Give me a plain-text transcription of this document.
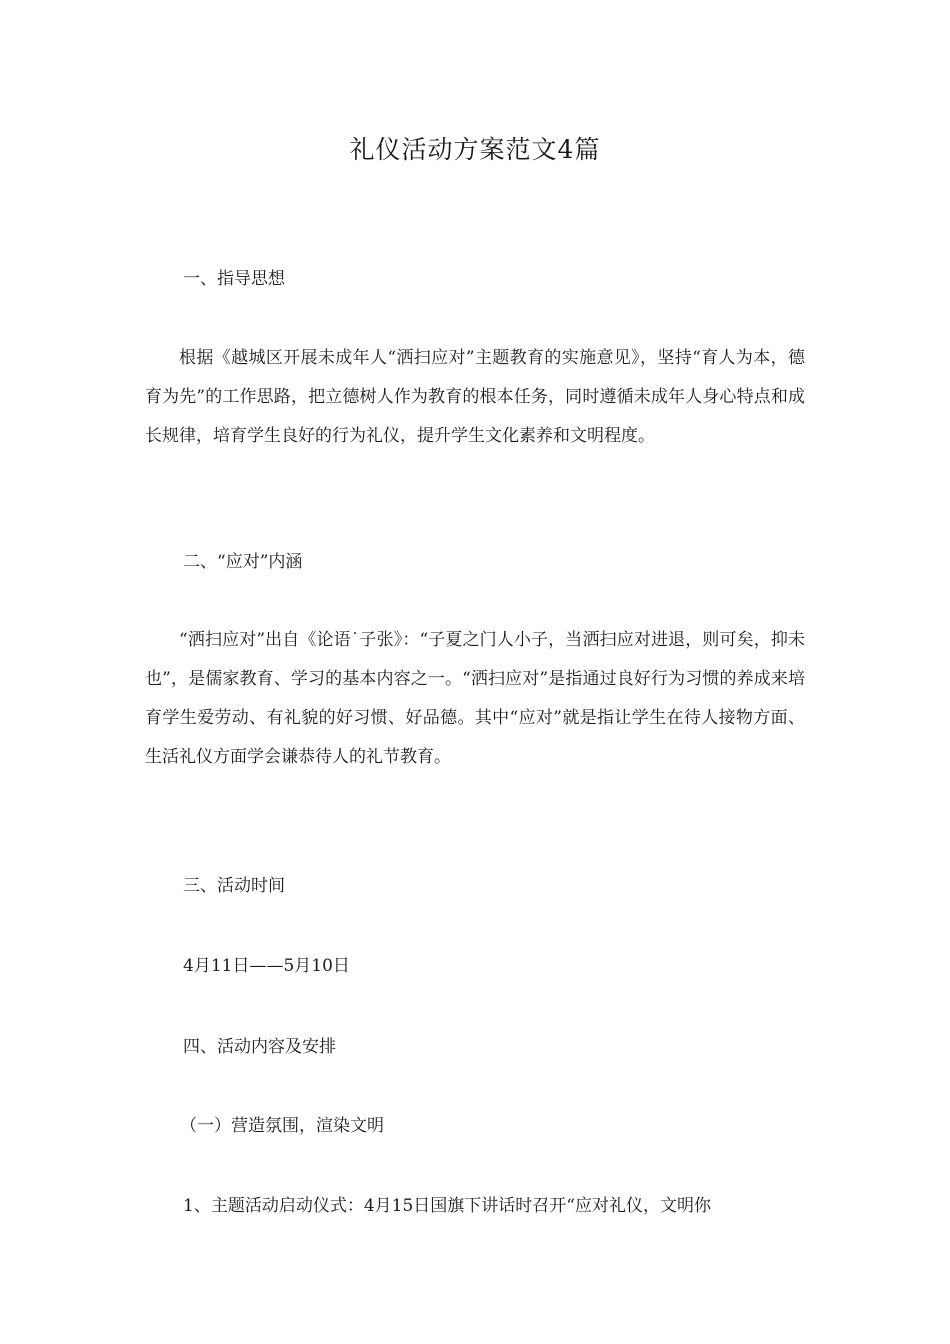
礼仪活动方案范文4篇
一、指导思想

根据《越城区开展未成年人“洒扫应对”主题教育的实施意见》，坚持“育人为本，德育为先”的工作思路，把立德树人作为教育的根本任务，同时遵循未成年人身心特点和成长规律，培育学生良好的行为礼仪，提升学生文化素养和文明程度。

二、“应对”内涵

“洒扫应对”出自《论语˙子张》：“子夏之门人小子，当洒扫应对进退，则可矣，抑未也”，是儒家教育、学习的基本内容之一。“洒扫应对”是指通过良好行为习惯的养成来培育学生爱劳动、有礼貌的好习惯、好品德。其中“应对”就是指让学生在待人接物方面、生活礼仪方面学会谦恭待人的礼节教育。

三、活动时间
4月11日——5月10日
四、活动内容及安排
（一）营造氛围，渲染文明
1、主题活动启动仪式：4月15日国旗下讲话时召开“应对礼仪，文明你
